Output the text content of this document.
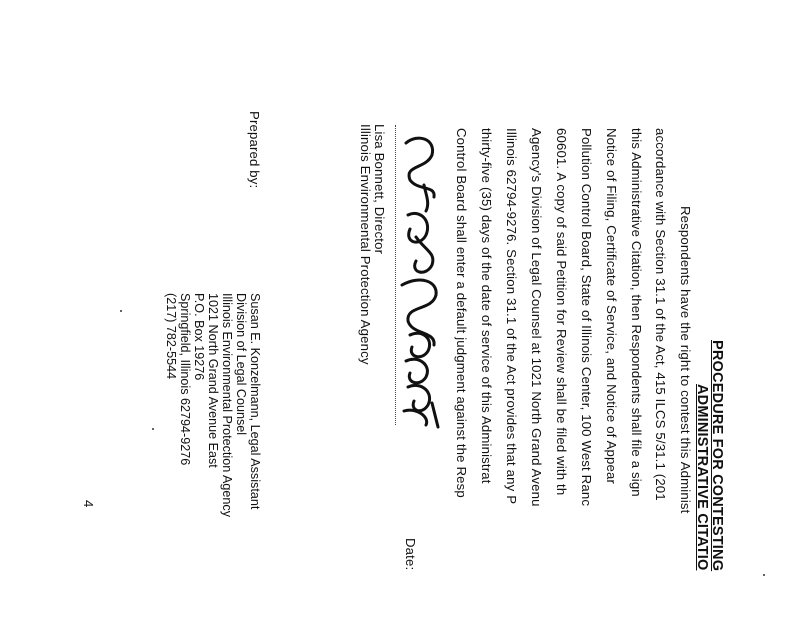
PROCEDURE FOR CONTESTING
ADMINISTRATIVE CITATIO
Respondents have the right to contest this Administ
accordance with Section 31.1 of the Act, 415 ILCS 5/31.1 (201
this Administrative Citation, then Respondents shall file a sign
Notice of Filing, Certificate of Service, and Notice of Appear
Pollution Control Board, State of Illinois Center, 100 West Ranc
60601. A copy of said Petition for Review shall be filed with th
Agency's Division of Legal Counsel at 1021 North Grand Avenu
Illinois 62794-9276. Section 31.1 of the Act provides that any P
thirty-five (35) days of the date of service of this Administrat
Control Board shall enter a default judgment against the Resp
Lisa Bonnett, Director
Illinois Environmental Protection Agency
Date:
Prepared by:
Susan E. Konzelmann, Legal Assistant
Division of Legal Counsel
Illinois Environmental Protection Agency
1021 North Grand Avenue East
P.O. Box 19276
Springfield, Illinois 62794-9276
(217) 782-5544
4
